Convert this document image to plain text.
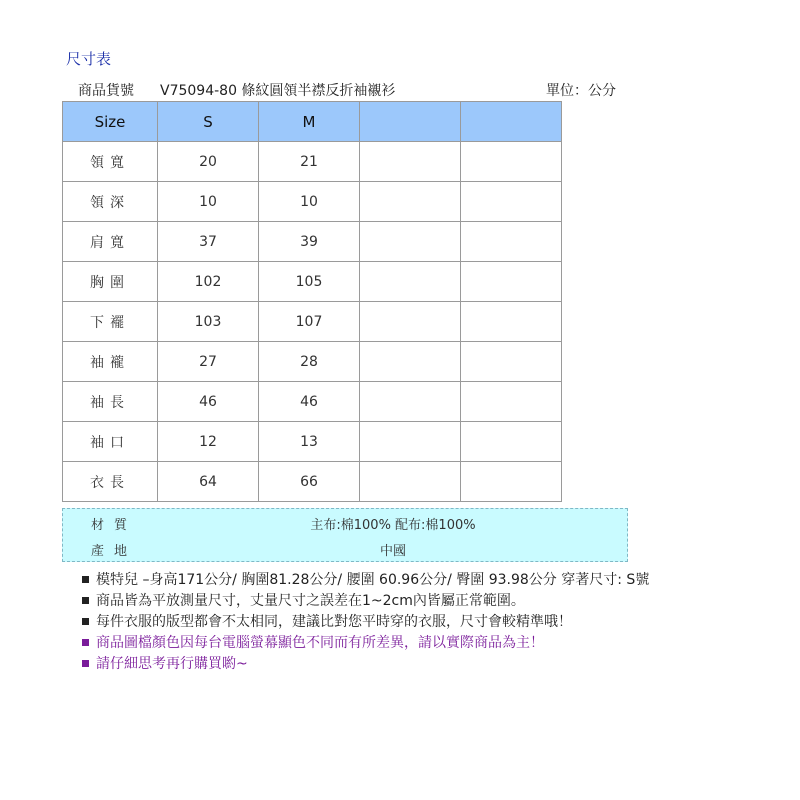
尺寸表
商品貨號 V75094-80 條紋圓領半襟反折袖襯衫	單位：公分
Size	S	M		
領寬	20	21		
領深	10	10		
肩寬	37	39		
胸圍	102	105		
下襬	103	107		
袖襱	27	28		
袖長	46	46		
袖口	12	13		
衣長	64	66		
材質	主布:棉100% 配布:棉100%
產地	中國
模特兒 –身高171公分/ 胸圍81.28公分/ 腰圍 60.96公分/ 臀圍 93.98公分 穿著尺寸: S號
商品皆為平放測量尺寸，丈量尺寸之誤差在1~2cm內皆屬正常範圍。
每件衣服的版型都會不太相同，建議比對您平時穿的衣服，尺寸會較精準哦！
商品圖檔顏色因每台電腦螢幕顯色不同而有所差異，請以實際商品為主！
請仔細思考再行購買喲~
